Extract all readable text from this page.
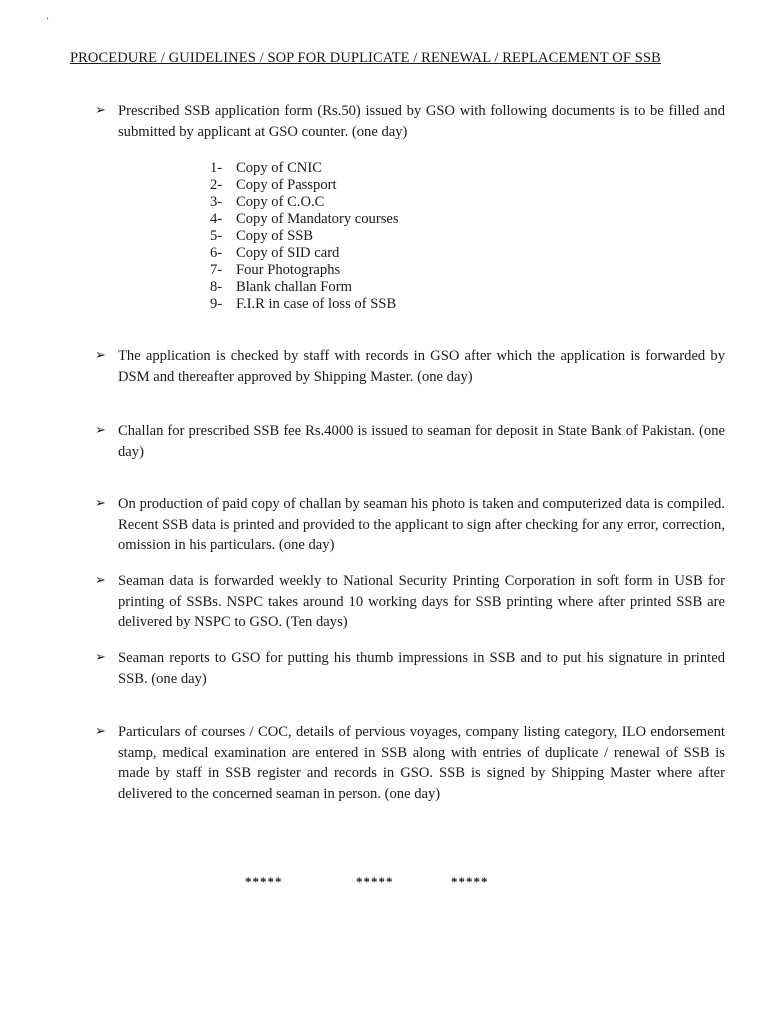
ʼ
PROCEDURE / GUIDELINES / SOP FOR DUPLICATE / RENEWAL / REPLACEMENT OF SSB
➢ Prescribed SSB application form (Rs.50) issued by GSO with following documents is to be filled and submitted by applicant at GSO counter. (one day)
1- Copy of CNIC
2- Copy of Passport
3- Copy of C.O.C
4- Copy of Mandatory courses
5- Copy of SSB
6- Copy of SID card
7- Four Photographs
8- Blank challan Form
9- F.I.R in case of loss of SSB
➢ The application is checked by staff with records in GSO after which the application is forwarded by DSM and thereafter approved by Shipping Master. (one day)
➢ Challan for prescribed SSB fee Rs.4000 is issued to seaman for deposit in State Bank of Pakistan. (one day)
➢ On production of paid copy of challan by seaman his photo is taken and computerized data is compiled. Recent SSB data is printed and provided to the applicant to sign after checking for any error, correction, omission in his particulars. (one day)
➢ Seaman data is forwarded weekly to National Security Printing Corporation in soft form in USB for printing of SSBs. NSPC takes around 10 working days for SSB printing where after printed SSB are delivered by NSPC to GSO. (Ten days)
➢ Seaman reports to GSO for putting his thumb impressions in SSB and to put his signature in printed SSB. (one day)
➢ Particulars of courses / COC, details of pervious voyages, company listing category, ILO endorsement stamp, medical examination are entered in SSB along with entries of duplicate / renewal of SSB is made by staff in SSB register and records in GSO. SSB is signed by Shipping Master where after delivered to the concerned seaman in person. (one day)
*****	*****	*****
